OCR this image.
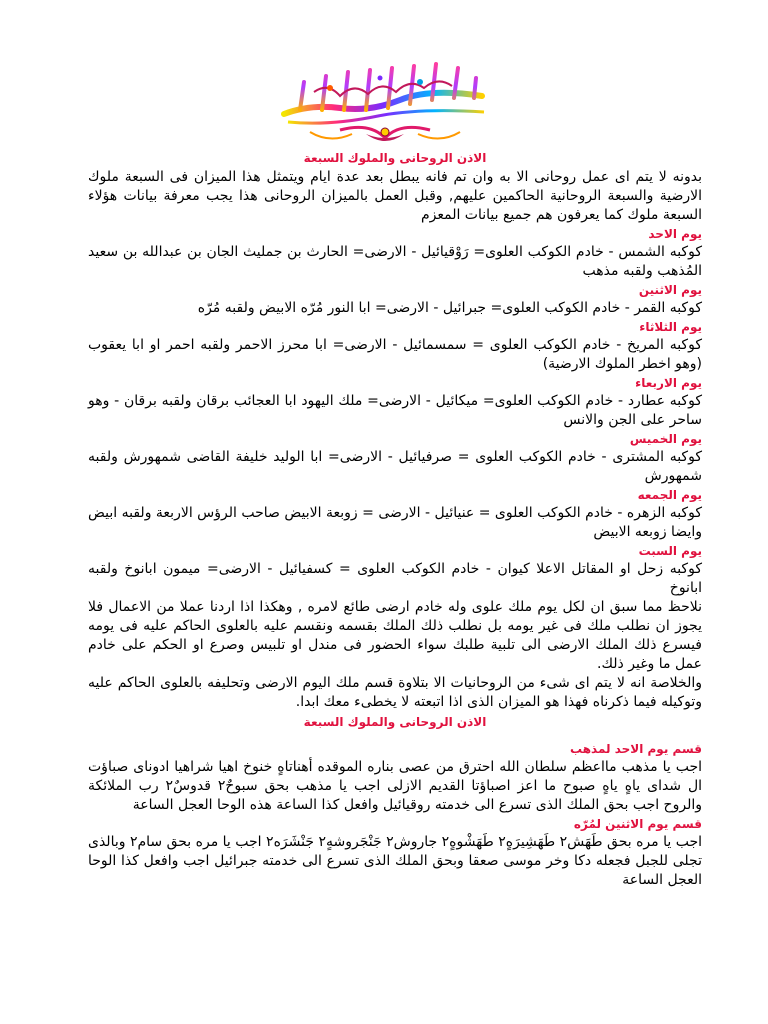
الاذن الروحانى والملوك السبعة

بدونه لا يتم اى عمل روحانى الا به وان تم فانه يبطل بعد عدة ايام ويتمثل هذا الميزان فى السبعة ملوك الارضية والسبعة الروحانية الحاكمين عليهم, وقبل العمل بالميزان الروحانى هذا يجب معرفة بيانات هؤلاء السبعة ملوك كما يعرفون هم جميع بيانات المعزم

يوم الاحد

كوكبه الشمس - خادم الكوكب العلوى= رَوْقيائيل - الارضى= الحارث بن جمليث الجان بن عبدالله بن سعيد المُذهب ولقبه مذهب

يوم الاثنين

كوكبه القمر - خادم الكوكب العلوى= جبرائيل - الارضى= ابا النور مُرّه الابيض ولقبه مُرّه

يوم الثلاثاء

كوكبه المريخ - خادم الكوكب العلوى = سمسمائيل - الارضى= ابا محرز الاحمر ولقبه احمر او ابا يعقوب (وهو اخطر الملوك الارضية)

يوم الاربعاء

كوكبه عطارد - خادم الكوكب العلوى= ميكائيل - الارضى= ملك اليهود ابا العجائب برقان ولقبه برقان - وهو ساحر على الجن والانس

يوم الخميس

كوكبه المشترى - خادم الكوكب العلوى = صرفيائيل - الارضى= ابا الوليد خليفة القاضى شمهورش ولقبه شمهورش

يوم الجمعه

كوكبه الزهره - خادم الكوكب العلوى = عنيائيل - الارضى = زوبعة الابيض صاحب الرؤس الاربعة ولقبه ابيض وايضا زوبعه الابيض

يوم السبت

كوكبه زحل او المقاتل الاعلا كيوان - خادم الكوكب العلوى = كسفيائيل - الارضى= ميمون ابانوخ ولقبه ابانوخ

نلاحظ مما سبق ان لكل يوم ملك علوى وله خادم ارضى طائع لامره , وهكذا اذا اردنا عملا من الاعمال فلا يجوز ان نطلب ملك فى غير يومه بل نطلب ذلك الملك بقسمه ونقسم عليه بالعلوى الحاكم عليه فى يومه فيسرع ذلك الملك الارضى الى تلبية طلبك سواء الحضور فى مندل او تلبيس وصرع او الحكم على خادم عمل ما وغير ذلك.

والخلاصة انه لا يتم اى شىء من الروحانيات الا بتلاوة قسم ملك اليوم الارضى وتحليفه بالعلوى الحاكم عليه وتوكيله فيما ذكرناه فهذا هو الميزان الذى اذا اتبعته لا يخطىء معك ابدا.

الاذن الروحانى والملوك السبعة
قسم يوم الاحد لمذهب

اجب يا مذهب مااعظم سلطان الله احترق من عصى بناره الموقده أهناتاهٍ خنوخ اهيا شراهيا ادوناى صباؤت ال شداى ياهٍ ياهٍ صبوح ما اعز اصباؤتا القديم الازلى اجب يا مذهب بحق سبوحٌ٢ قدوسٌ٢ رب الملائكة والروح اجب بحق الملك الذى تسرع الى خدمته روقيائيل وافعل كذا الساعة هذه الوحا العجل الساعة

قسم يوم الاثنين لمُرّه

اجب يا مره بحق طَهَش٢ طَهَشِيرَهٍ٢ طَهَشْوهٍ٢ جاروش٢ جَنْجَروشهٍ٢ جَنْشَرَه٢ اجب يا مره بحق سام٢ وبالذى تجلى للجبل فجعله دكا وخر موسى صعقا وبحق الملك الذى تسرع الى خدمته جبرائيل اجب وافعل كذا الوحا العجل الساعة
